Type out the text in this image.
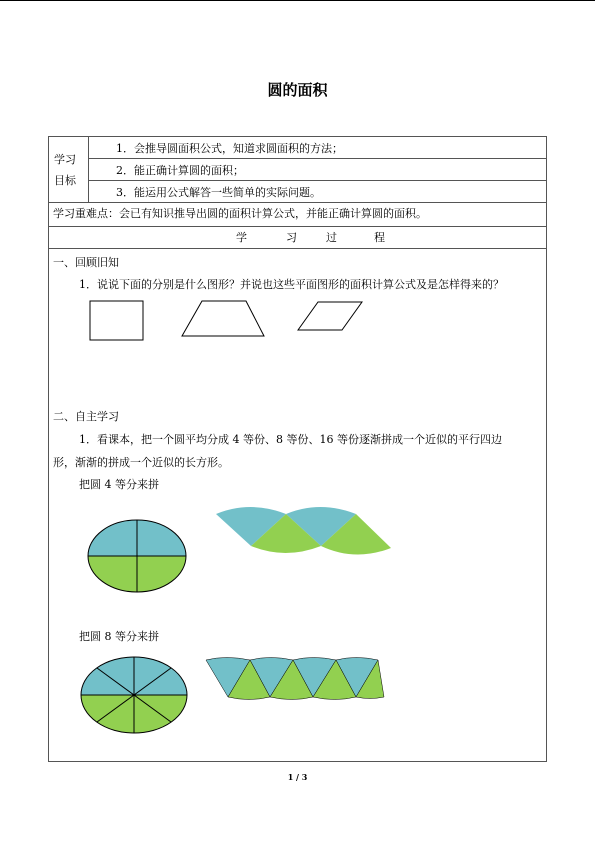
圆的面积
学习
目标
1．会推导圆面积公式，知道求圆面积的方法；
2．能正确计算圆的面积；
3．能运用公式解答一些简单的实际问题。
学习重难点：会已有知识推导出圆的面积计算公式，并能正确计算圆的面积。
学	习	过	程
一、回顾旧知
1．说说下面的分别是什么图形？并说也这些平面图形的面积计算公式及是怎样得来的？
二、自主学习
1．看课本，把一个圆平均分成 4 等份、8 等份、16 等份逐渐拼成一个近似的平行四边
形，渐渐的拼成一个近似的长方形。
把圆 4 等分来拼
把圆 8 等分来拼
1 / 3
